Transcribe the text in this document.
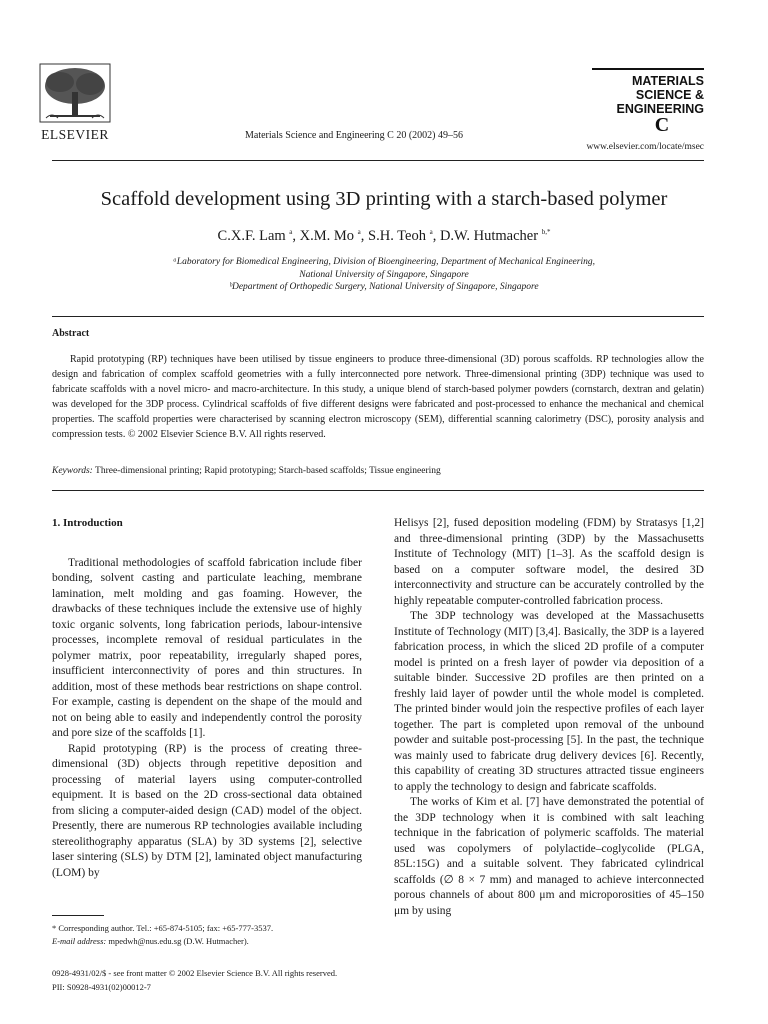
ELSEVIER	Materials Science and Engineering C 20 (2002) 49–56
MATERIALS
SCIENCE &
ENGINEERING
C
www.elsevier.com/locate/msec
Scaffold development using 3D printing with a starch-based polymer
C.X.F. Lam $^a$, X.M. Mo $^a$, S.H. Teoh $^a$, D.W. Hutmacher $^{b,*}$
ᵃLaboratory for Biomedical Engineering, Division of Bioengineering, Department of Mechanical Engineering,
National University of Singapore, Singapore
ᵇDepartment of Orthopedic Surgery, National University of Singapore, Singapore
Abstract
Rapid prototyping (RP) techniques have been utilised by tissue engineers to produce three-dimensional (3D) porous scaffolds. RP technologies allow the design and fabrication of complex scaffold geometries with a fully interconnected pore network. Three-dimensional printing (3DP) technique was used to fabricate scaffolds with a novel micro- and macro-architecture. In this study, a unique blend of starch-based polymer powders (cornstarch, dextran and gelatin) was developed for the 3DP process. Cylindrical scaffolds of five different designs were fabricated and post-processed to enhance the mechanical and chemical properties. The scaffold properties were characterised by scanning electron microscopy (SEM), differential scanning calorimetry (DSC), porosity analysis and compression tests. © 2002 Elsevier Science B.V. All rights reserved.
Keywords: Three-dimensional printing; Rapid prototyping; Starch-based scaffolds; Tissue engineering
1. Introduction

Traditional methodologies of scaffold fabrication include fiber bonding, solvent casting and particulate leaching, membrane lamination, melt molding and gas foaming. However, the drawbacks of these techniques include the extensive use of highly toxic organic solvents, long fabrication periods, labour-intensive processes, incomplete removal of residual particulates in the polymer matrix, poor repeatability, irregularly shaped pores, insufficient interconnectivity of pores and thin structures. In addition, most of these methods bear restrictions on shape control. For example, casting is dependent on the shape of the mould and not on being able to easily and independently control the porosity and pore size of the scaffolds [1].

Rapid prototyping (RP) is the process of creating three-dimensional (3D) objects through repetitive deposition and processing of material layers using computer-controlled equipment. It is based on the 2D cross-sectional data obtained from slicing a computer-aided design (CAD) model of the object. Presently, there are numerous RP technologies available including stereolithography apparatus (SLA) by 3D systems [2], selective laser sintering (SLS) by DTM [2], laminated object manufacturing (LOM) by

Helisys [2], fused deposition modeling (FDM) by Stratasys [1,2] and three-dimensional printing (3DP) by the Massachusetts Institute of Technology (MIT) [1–3]. As the scaffold design is based on a computer software model, the desired 3D interconnectivity and structure can be accurately controlled by the highly repeatable computer-controlled fabrication process.

The 3DP technology was developed at the Massachusetts Institute of Technology (MIT) [3,4]. Basically, the 3DP is a layered fabrication process, in which the sliced 2D profile of a computer model is printed on a fresh layer of powder via deposition of a suitable binder. Successive 2D profiles are then printed on a freshly laid layer of powder until the whole model is completed. The printed binder would join the respective profiles of each layer together. The part is completed upon removal of the unbound powder and suitable post-processing [5]. In the past, the technique was mainly used to fabricate drug delivery devices [6]. Recently, this capability of creating 3D structures attracted tissue engineers to apply the technology to design and fabricate scaffolds.

The works of Kim et al. [7] have demonstrated the potential of the 3DP technology when it is combined with salt leaching technique in the fabrication of polymeric scaffolds. The material used was copolymers of polylactide–coglycolide (PLGA, 85L:15G) and a suitable solvent. They fabricated cylindrical scaffolds (∅ 8 × 7 mm) and managed to achieve interconnected porous channels of about 800 μm and microporosities of 45–150 μm by using

* Corresponding author. Tel.: +65-874-5105; fax: +65-777-3537.
E-mail address: mpedwh@nus.edu.sg (D.W. Hutmacher).
0928-4931/02/$ - see front matter © 2002 Elsevier Science B.V. All rights reserved.
PII: S0928-4931(02)00012-7
